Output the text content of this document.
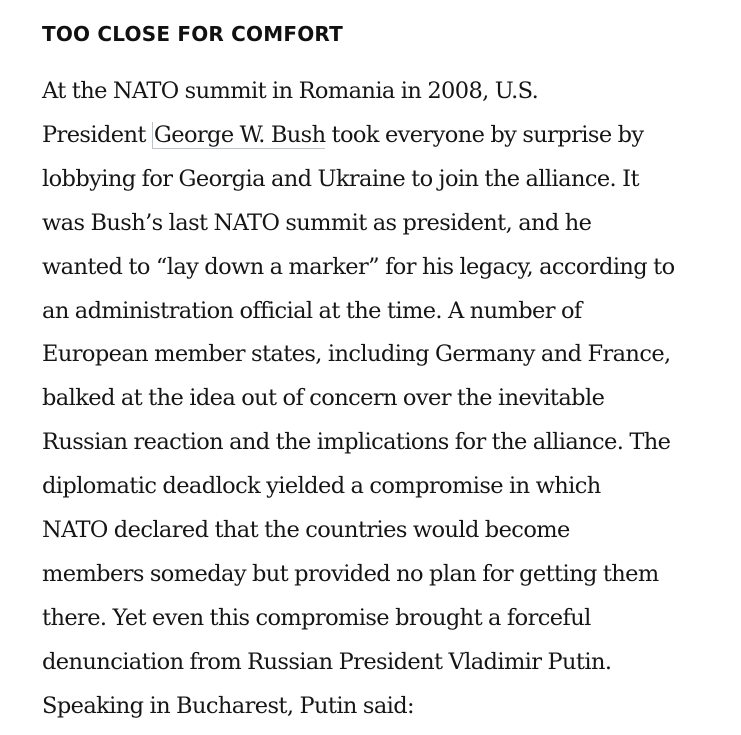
TOO CLOSE FOR COMFORT

At the NATO summit in Romania in 2008, U.S.
President George W. Bush took everyone by surprise by
lobbying for Georgia and Ukraine to join the alliance. It
was Bush’s last NATO summit as president, and he
wanted to “lay down a marker” for his legacy, according to
an administration official at the time. A number of
European member states, including Germany and France,
balked at the idea out of concern over the inevitable
Russian reaction and the implications for the alliance. The
diplomatic deadlock yielded a compromise in which
NATO declared that the countries would become
members someday but provided no plan for getting them
there. Yet even this compromise brought a forceful
denunciation from Russian President Vladimir Putin.
Speaking in Bucharest, Putin said:
